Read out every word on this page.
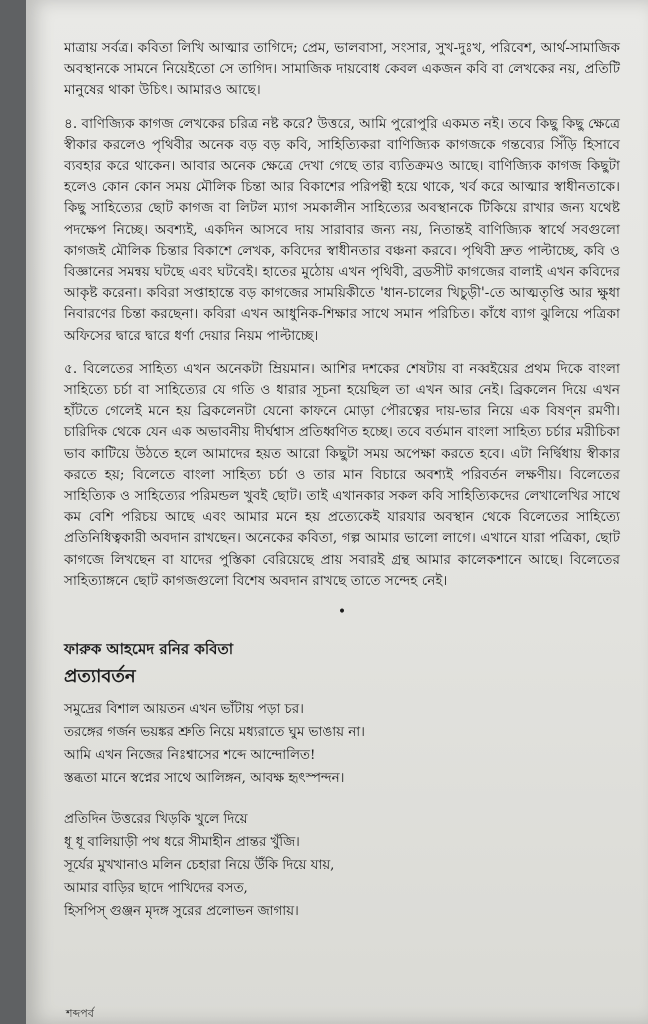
মাত্রায় সর্বত্র। কবিতা লিখি আত্মার তাগিদে; প্রেম, ভালবাসা, সংসার, সুখ-দুঃখ, পরিবেশ, আর্থ-সামাজিক অবস্থানকে সামনে নিয়েইতো সে তাগিদ। সামাজিক দায়বোধ কেবল একজন কবি বা লেখকের নয়, প্রতিটি মানুষের থাকা উচিৎ। আমারও আছে।

৪. বাণিজ্যিক কাগজ লেখকের চরিত্র নষ্ট করে? উত্তরে, আমি পুরোপুরি একমত নই। তবে কিছু কিছু ক্ষেত্রে স্বীকার করলেও পৃথিবীর অনেক বড় বড় কবি, সাহিত্যিকরা বাণিজ্যিক কাগজকে গন্তব্যের সিঁড়ি হিসাবে ব্যবহার করে থাকেন। আবার অনেক ক্ষেত্রে দেখা গেছে তার ব্যতিক্রমও আছে। বাণিজ্যিক কাগজ কিছুটা হলেও কোন কোন সময় মৌলিক চিন্তা আর বিকাশের পরিপন্থী হয়ে থাকে, খর্ব করে আত্মার স্বাধীনতাকে। কিছু সাহিত্যের ছোট কাগজ বা লিটল ম্যাগ সমকালীন সাহিত্যের অবস্থানকে টিকিয়ে রাখার জন্য যথেষ্ট পদক্ষেপ নিচ্ছে। অবশ্যই, একদিন আসবে দায় সারাবার জন্য নয়, নিতান্তই বাণিজ্যিক স্বার্থে সবগুলো কাগজই মৌলিক চিন্তার বিকাশে লেখক, কবিদের স্বাধীনতার বঞ্চনা করবে। পৃথিবী দ্রুত পাল্টাচ্ছে, কবি ও বিজ্ঞানের সমন্বয় ঘটছে এবং ঘটবেই। হাতের মুঠোয় এখন পৃথিবী, ব্রডসীট কাগজের বালাই এখন কবিদের আকৃষ্ট করেনা। কবিরা সপ্তাহান্তে বড় কাগজের সাময়িকীতে 'ধান-চালের খিচুড়ী'-তে আত্মতৃপ্তি আর ক্ষুধা নিবারণের চিন্তা করছেনা। কবিরা এখন আধুনিক-শিক্ষার সাথে সমান পরিচিত। কাঁধে ব্যাগ ঝুলিয়ে পত্রিকা অফিসের দ্বারে দ্বারে ধর্ণা দেয়ার নিয়ম পাল্টাচ্ছে।

৫. বিলেতের সাহিত্য এখন অনেকটা ম্রিয়মান। আশির দশকের শেষটায় বা নব্বইয়ের প্রথম দিকে বাংলা সাহিত্যে চর্চা বা সাহিত্যের যে গতি ও ধারার সূচনা হয়েছিল তা এখন আর নেই। ব্রিকলেন দিয়ে এখন হাঁটতে গেলেই মনে হয় ব্রিকলেনটা যেনো কাফনে মোড়া পৌরত্বের দায়-ভার নিয়ে এক বিষণ্ন রমণী। চারিদিক থেকে যেন এক অভাবনীয় দীর্ঘশ্বাস প্রতিধ্বণিত হচ্ছে। তবে বর্তমান বাংলা সাহিত্য চর্চার মরীচিকা ভাব কাটিয়ে উঠতে হলে আমাদের হয়ত আরো কিছুটা সময় অপেক্ষা করতে হবে। এটা নির্দ্বিধায় স্বীকার করতে হয়; বিলেতে বাংলা সাহিত্য চর্চা ও তার মান বিচারে অবশ্যই পরিবর্তন লক্ষণীয়। বিলেতের সাহিত্যিক ও সাহিত্যের পরিমন্ডল খুবই ছোট। তাই এখানকার সকল কবি সাহিত্যিকদের লেখালেখির সাথে কম বেশি পরিচয় আছে এবং আমার মনে হয় প্রত্যেকেই যারযার অবস্থান থেকে বিলেতের সাহিত্যে প্রতিনিধিত্বকারী অবদান রাখছেন। অনেকের কবিতা, গল্প আমার ভালো লাগে। এখানে যারা পত্রিকা, ছোট কাগজে লিখছেন বা যাদের পুস্তিকা বেরিয়েছে প্রায় সবারই গ্রন্থ আমার কালেকশানে আছে। বিলেতের সাহিত্যাঙ্গনে ছোট কাগজগুলো বিশেষ অবদান রাখছে তাতে সন্দেহ নেই।

•
ফারুক আহমেদ রনির কবিতা
প্রত্যাবর্তন
সমুদ্রের বিশাল আয়তন এখন ভাঁটায় পড়া চর।
তরঙ্গের গর্জন ভয়ঙ্কর শ্রুতি নিয়ে মধ্যরাতে ঘুম ভাঙায় না।
আমি এখন নিজের নিঃশ্বাসের শব্দে আন্দোলিত!
স্তব্ধতা মানে স্বপ্নের সাথে আলিঙ্গন, আবক্ষ হৃৎস্পন্দন।
প্রতিদিন উত্তরের খিড়কি খুলে দিয়ে
ধূ ধূ বালিয়াড়ী পথ ধরে সীমাহীন প্রান্তর খুঁজি।
সূর্যের মুখখানাও মলিন চেহারা নিয়ে উঁকি দিয়ে যায়,
আমার বাড়ির ছাদে পাখিদের বসত,
হিসপিস্ গুঞ্জন মৃদঙ্গ সুরের প্রলোভন জাগায়।
শব্দপর্ব
